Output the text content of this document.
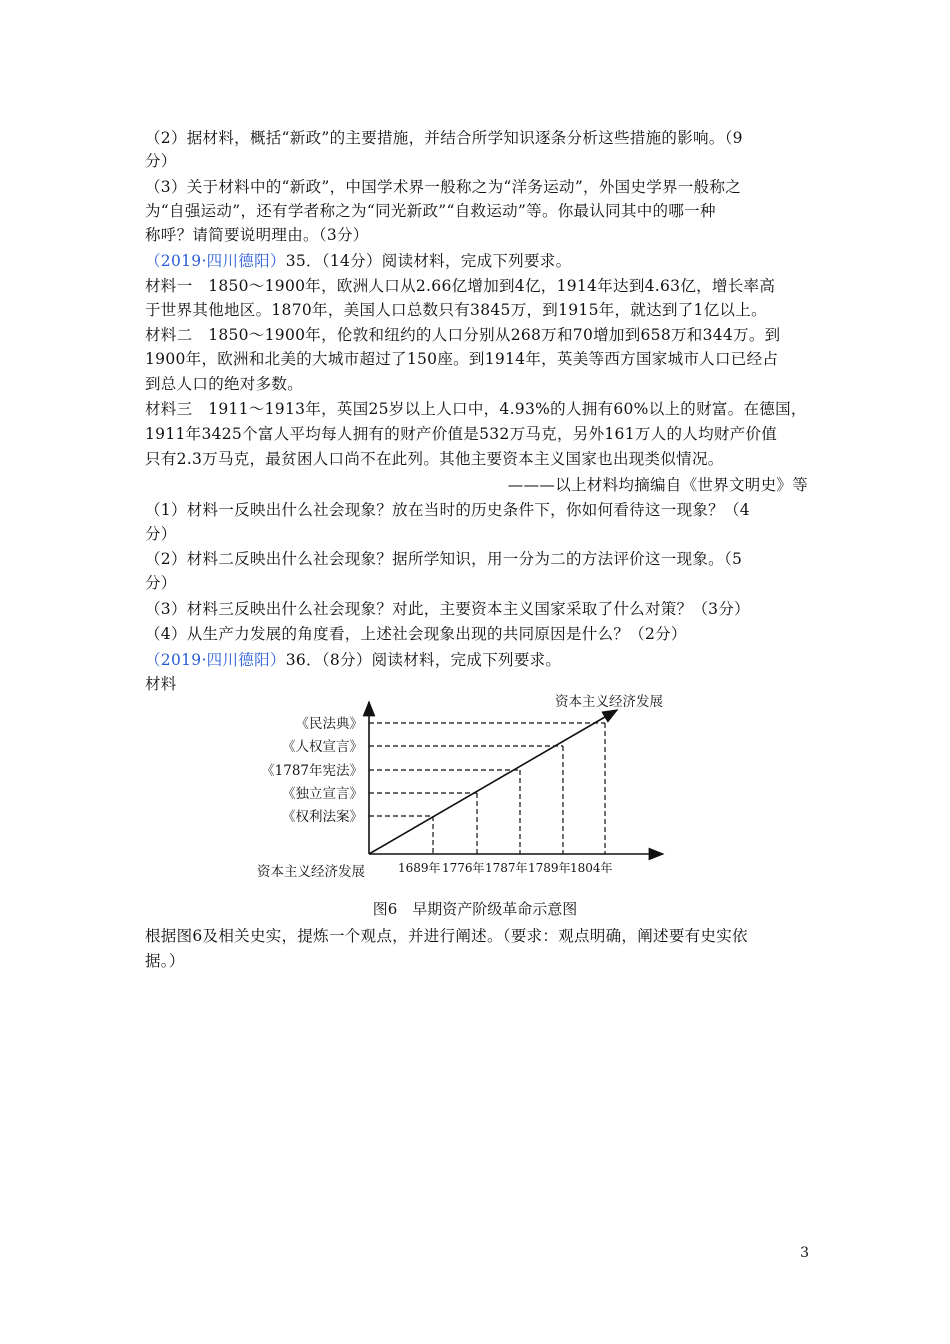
（2）据材料，概括“新政”的主要措施，并结合所学知识逐条分析这些措施的影响。（9
分）
（3）关于材料中的“新政”，中国学术界一般称之为“洋务运动”，外国史学界一般称之
为“自强运动”，还有学者称之为“同光新政”“自救运动”等。你最认同其中的哪一种
称呼？请简要说明理由。（3分）
（2019·四川德阳）35．（14分）阅读材料，完成下列要求。
材料一　1850～1900年，欧洲人口从2.66亿增加到4亿，1914年达到4.63亿，增长率高
于世界其他地区。1870年，美国人口总数只有3845万，到1915年，就达到了1亿以上。
材料二　1850～1900年，伦敦和纽约的人口分别从268万和70增加到658万和344万。到
1900年，欧洲和北美的大城市超过了150座。到1914年，英美等西方国家城市人口已经占
到总人口的绝对多数。
材料三　1911～1913年，英国25岁以上人口中，4.93%的人拥有60%以上的财富。在德国，
1911年3425个富人平均每人拥有的财产价值是532万马克，另外161万人的人均财产价值
只有2.3万马克，最贫困人口尚不在此列。其他主要资本主义国家也出现类似情况。
———以上材料均摘编自《世界文明史》等
（1）材料一反映出什么社会现象？放在当时的历史条件下，你如何看待这一现象？（4
分）
（2）材料二反映出什么社会现象？据所学知识，用一分为二的方法评价这一现象。（5
分）
（3）材料三反映出什么社会现象？对此，主要资本主义国家采取了什么对策？（3分）
（4）从生产力发展的角度看，上述社会现象出现的共同原因是什么？（2分）
（2019·四川德阳）36．（8分）阅读材料，完成下列要求。
材料
资本主义经济发展
《权利法案》
1689年
《独立宣言》
1776年
《1787年宪法》
1787年
《人权宣言》
1789年
《民法典》
1804年
资本主义经济发展
图6　早期资产阶级革命示意图
根据图6及相关史实，提炼一个观点，并进行阐述。（要求：观点明确，阐述要有史实依
据。）
3
